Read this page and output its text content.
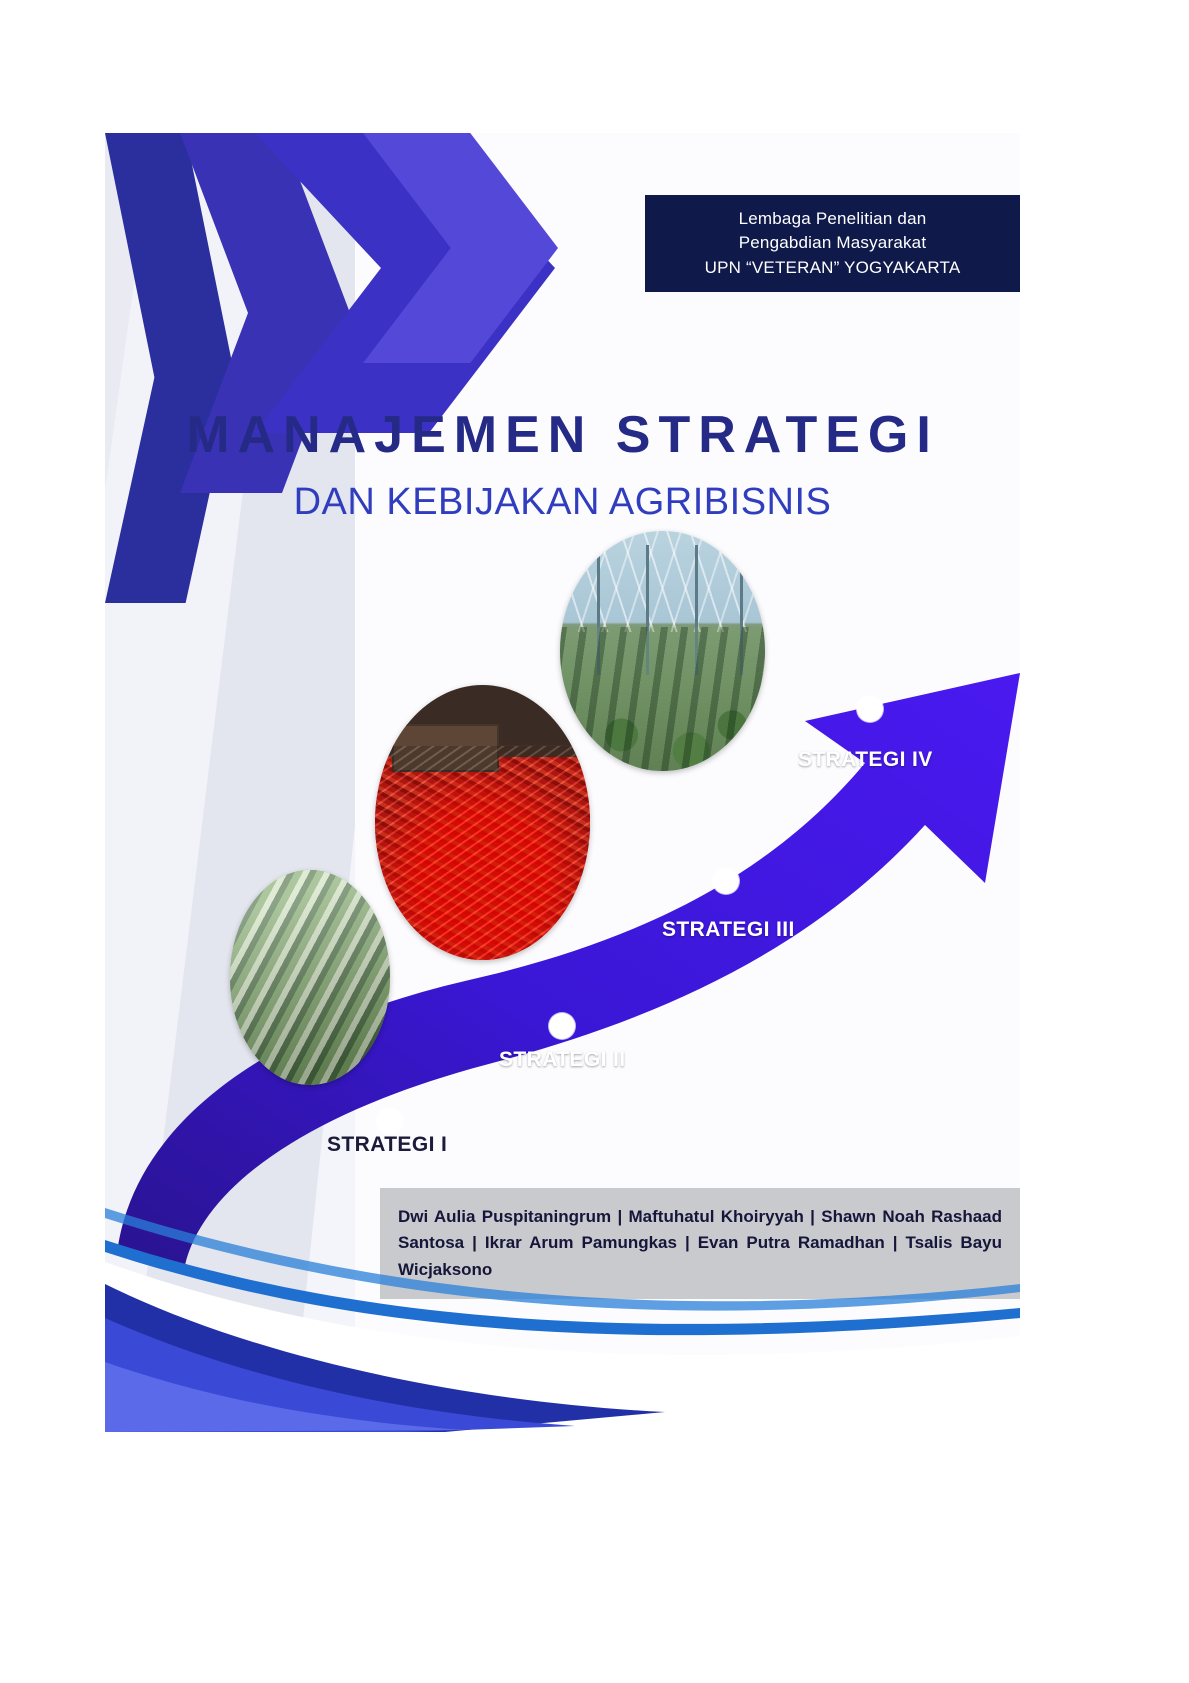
Lembaga Penelitian dan
Pengabdian Masyarakat
UPN “VETERAN” YOGYAKARTA
MANAJEMEN STRATEGI
DAN KEBIJAKAN AGRIBISNIS
STRATEGI I
STRATEGI II
STRATEGI III
STRATEGI IV
Dwi Aulia Puspitaningrum | Maftuhatul Khoiryyah | Shawn Noah Rashaad Santosa | Ikrar Arum Pamungkas | Evan Putra Ramadhan | Tsalis Bayu Wicjaksono
